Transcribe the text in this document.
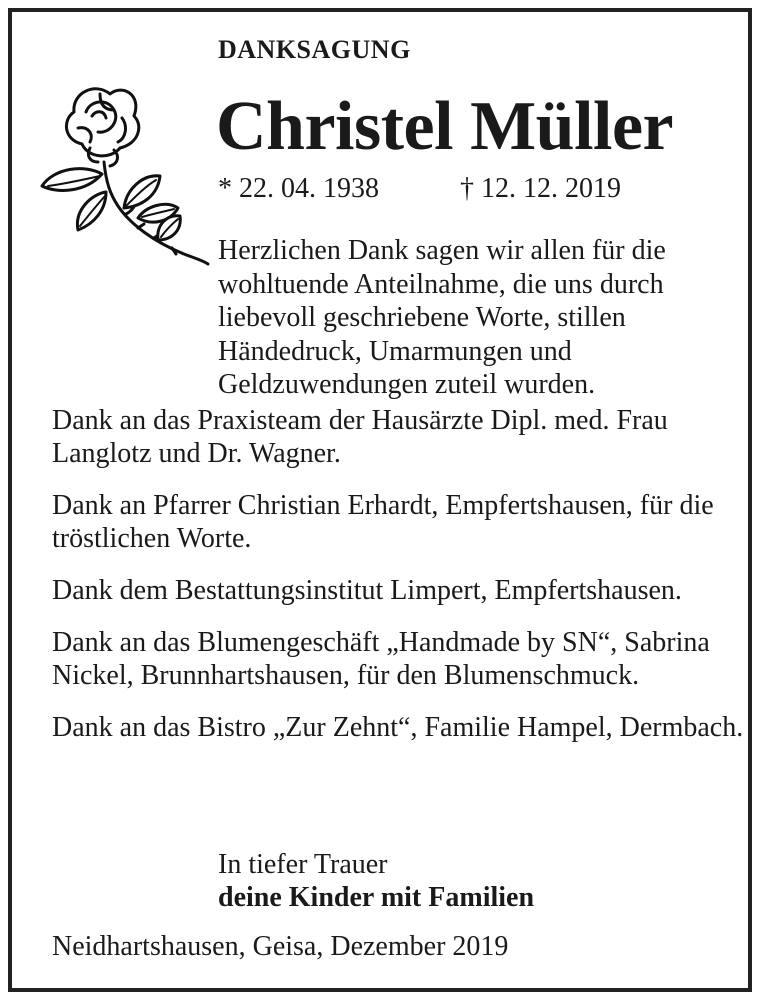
DANKSAGUNG
Christel Müller
* 22. 04. 1938	† 12. 12. 2019

Herzlichen Dank sagen wir allen für die wohltuende Anteilnahme, die uns durch liebevoll geschriebene Worte, stillen Händedruck, Umarmungen und Geldzuwendungen zuteil wurden.

Dank an das Praxisteam der Hausärzte Dipl. med. Frau Langlotz und Dr. Wagner.
Dank an Pfarrer Christian Erhardt, Empfertshausen, für die tröstlichen Worte.
Dank dem Bestattungsinstitut Limpert, Empfertshausen.
Dank an das Blumengeschäft „Handmade by SN“, Sabrina Nickel, Brunnhartshausen, für den Blumenschmuck.
Dank an das Bistro „Zur Zehnt“, Familie Hampel, Dermbach.
In tiefer Trauer
deine Kinder mit Familien
Neidhartshausen, Geisa, Dezember 2019
